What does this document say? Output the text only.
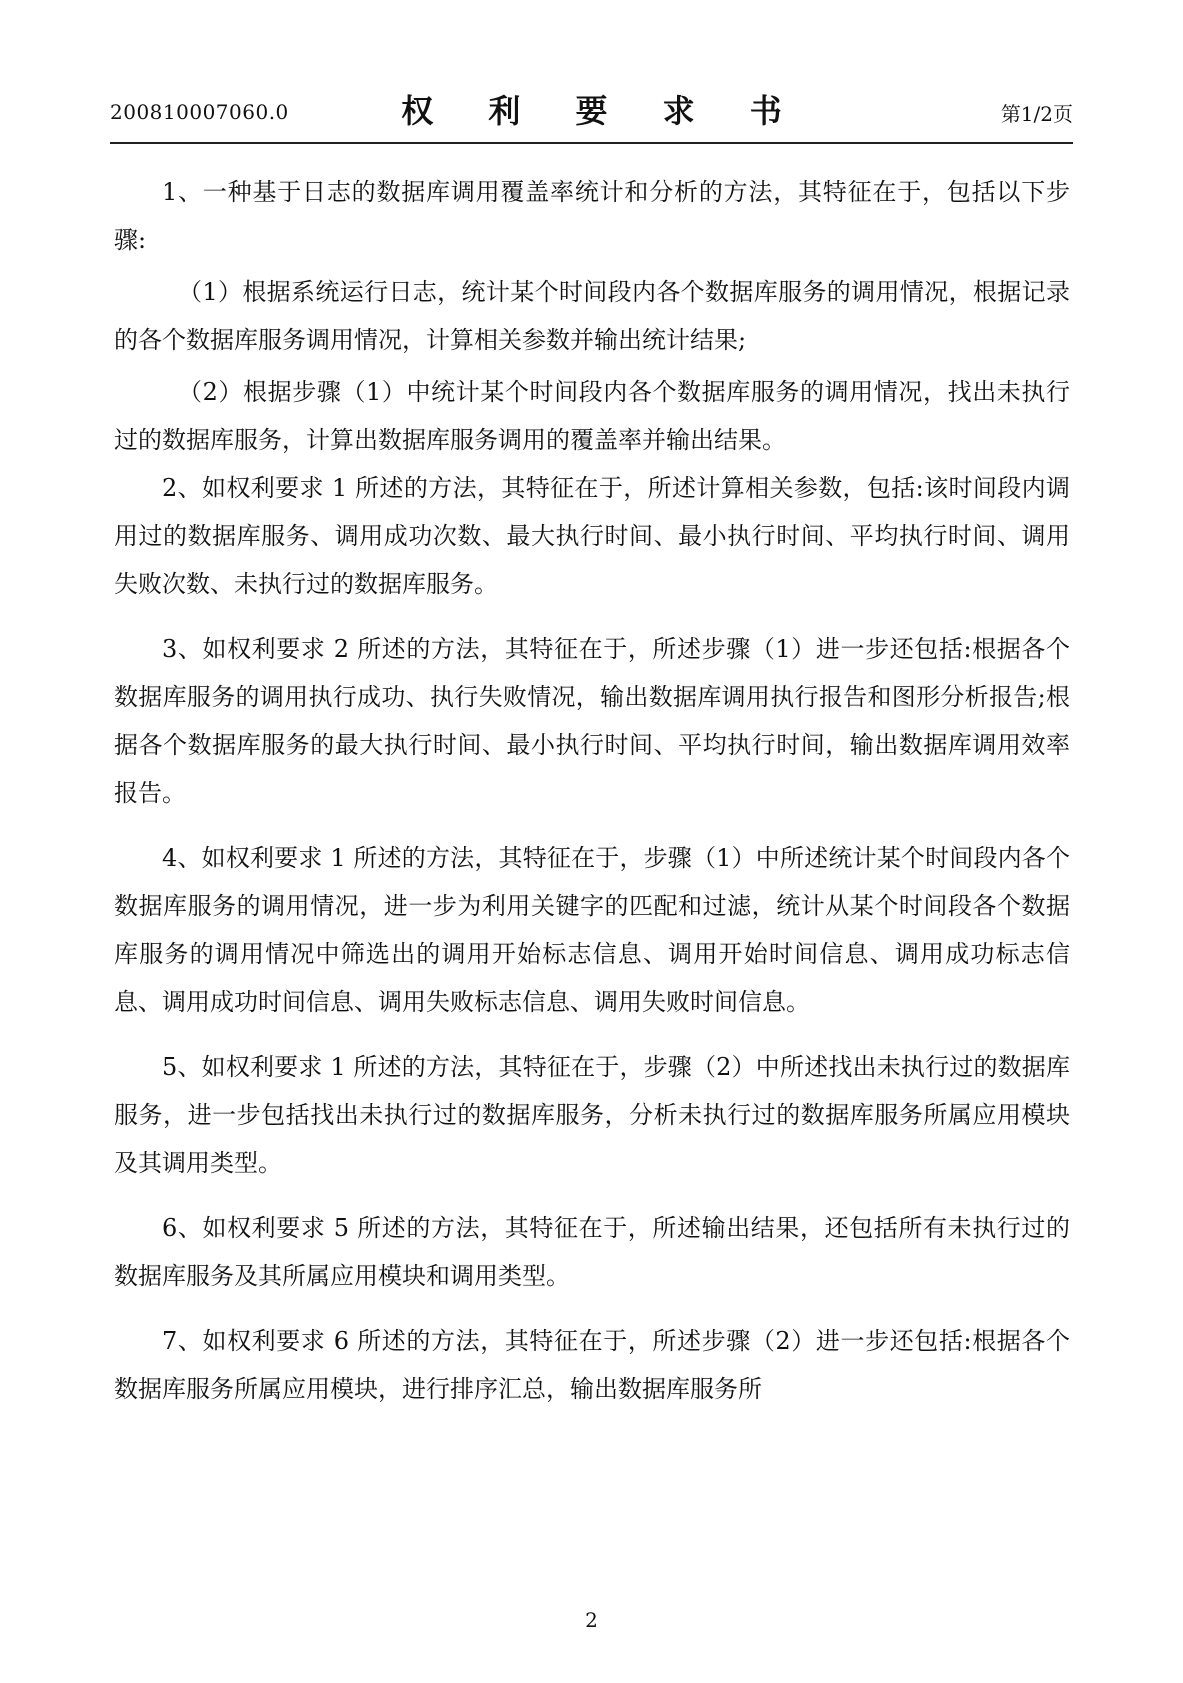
200810007060.0	权 利 要 求 书	第1/2页

1、一种基于日志的数据库调用覆盖率统计和分析的方法，其特征在于，包括以下步骤:

（1）根据系统运行日志，统计某个时间段内各个数据库服务的调用情况，根据记录的各个数据库服务调用情况，计算相关参数并输出统计结果;

（2）根据步骤（1）中统计某个时间段内各个数据库服务的调用情况，找出未执行过的数据库服务，计算出数据库服务调用的覆盖率并输出结果。

2、如权利要求 1 所述的方法，其特征在于，所述计算相关参数，包括:该时间段内调用过的数据库服务、调用成功次数、最大执行时间、最小执行时间、平均执行时间、调用失败次数、未执行过的数据库服务。

3、如权利要求 2 所述的方法，其特征在于，所述步骤（1）进一步还包括:根据各个数据库服务的调用执行成功、执行失败情况，输出数据库调用执行报告和图形分析报告;根据各个数据库服务的最大执行时间、最小执行时间、平均执行时间，输出数据库调用效率报告。

4、如权利要求 1 所述的方法，其特征在于，步骤（1）中所述统计某个时间段内各个数据库服务的调用情况，进一步为利用关键字的匹配和过滤，统计从某个时间段各个数据库服务的调用情况中筛选出的调用开始标志信息、调用开始时间信息、调用成功标志信息、调用成功时间信息、调用失败标志信息、调用失败时间信息。

5、如权利要求 1 所述的方法，其特征在于，步骤（2）中所述找出未执行过的数据库服务，进一步包括找出未执行过的数据库服务，分析未执行过的数据库服务所属应用模块及其调用类型。

6、如权利要求 5 所述的方法，其特征在于，所述输出结果，还包括所有未执行过的数据库服务及其所属应用模块和调用类型。

7、如权利要求 6 所述的方法，其特征在于，所述步骤（2）进一步还包括:根据各个数据库服务所属应用模块，进行排序汇总，输出数据库服务所

2
